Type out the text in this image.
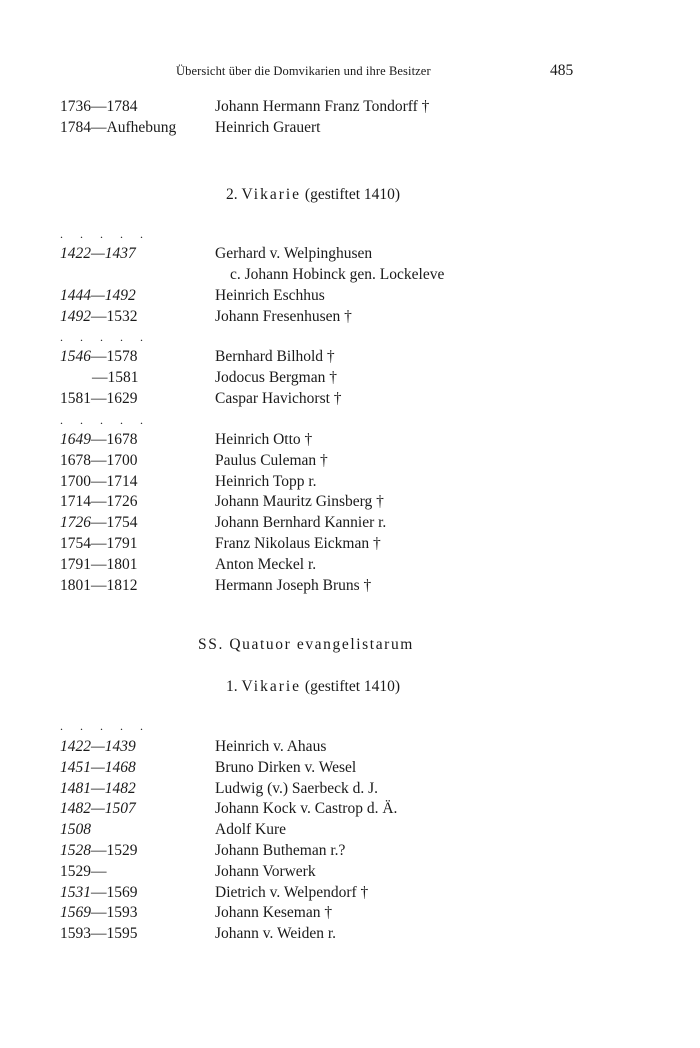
Übersicht über die Domvikarien und ihre Besitzer	485
1736—1784	Johann Hermann Franz Tondorff †
1784—Aufhebung	Heinrich Grauert
2. Vikarie (gestiftet 1410)
. . . . .
1422—1437	Gerhard v. Welpinghusen
c. Johann Hobinck gen. Lockeleve
1444—1492	Heinrich Eschhus
1492—1532	Johann Fresenhusen †
. . . . .
1546—1578	Bernhard Bilhold †
—1581	Jodocus Bergman †
1581—1629	Caspar Havichorst †
. . . . .
1649—1678	Heinrich Otto †
1678—1700	Paulus Culeman †
1700—1714	Heinrich Topp r.
1714—1726	Johann Mauritz Ginsberg †
1726—1754	Johann Bernhard Kannier r.
1754—1791	Franz Nikolaus Eickman †
1791—1801	Anton Meckel r.
1801—1812	Hermann Joseph Bruns †
SS. Quatuor evangelistarum
1. Vikarie (gestiftet 1410)
. . . . .
1422—1439	Heinrich v. Ahaus
1451—1468	Bruno Dirken v. Wesel
1481—1482	Ludwig (v.) Saerbeck d. J.
1482—1507	Johann Kock v. Castrop d. Ä.
1508	Adolf Kure
1528—1529	Johann Butheman r.?
1529—	Johann Vorwerk
1531—1569	Dietrich v. Welpendorf †
1569—1593	Johann Keseman †
1593—1595	Johann v. Weiden r.
